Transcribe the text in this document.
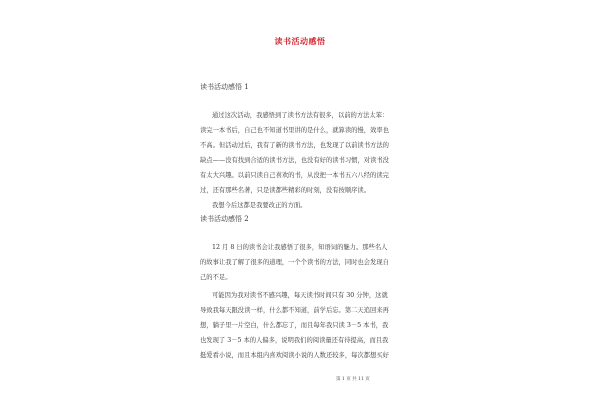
读书活动感悟
读书活动感悟 1

通过这次活动，我感悟到了读书方法有很多，以前的方法太笨：
读完一本书后，自己也不知道书里讲的是什么，就算读的慢，效率也
不高。但活动过后，我有了新的读书方法，也发现了以前读书方法的
缺点——没有找到合适的读书方法，也没有好的读书习惯，对读书没
有太大兴趣。以前只读自己喜欢的书，从没把一本书五六八经的读完
过，还有那些名著，只是读都些精彩的时刻，没有按顺序读。
我想今后这都是我要改正的方面。

读书活动感悟 2

12 月 8 日的读书会让我感悟了很多，知语词的魅力。那些名人
的故事让我了解了很多的道理，一个个读书的方法，同时也会发现自
己的不足。

可能因为我对读书不感兴趣，每天读书时间只有 30 分钟，这就
导致我每天跟没读一样，什么都不知道，前学后忘。第二天追回来再
想，躺子里一片空白，什么都忘了，而且每年我只读 3－5 本书，我
也发现了 3－5 本的人偏多，说明我们的阅读量还有待提高，而且我
挺爱看小说，而且本组内喜欢阅读小说的人数还较多，每次都想买好

第 1 页 共 11 页
